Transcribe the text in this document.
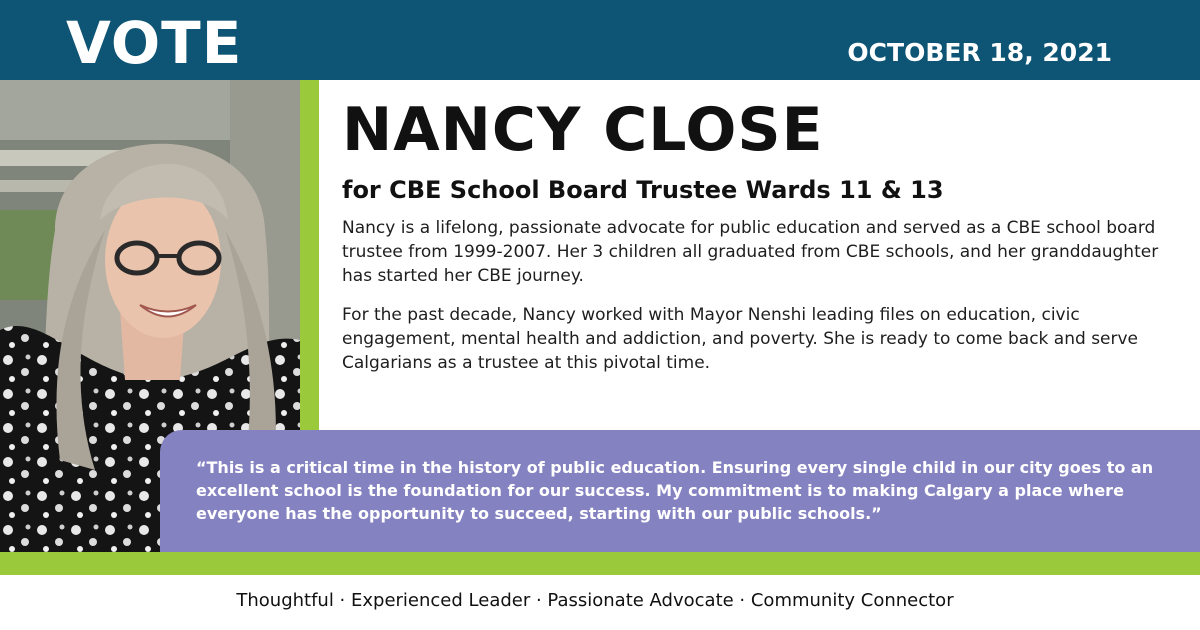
VOTE	OCTOBER 18, 2021
NANCY CLOSE
for CBE School Board Trustee Wards 11 & 13

Nancy is a lifelong, passionate advocate for public education and served as a CBE school board trustee from 1999-2007. Her 3 children all graduated from CBE schools, and her granddaughter has started her CBE journey.

For the past decade, Nancy worked with Mayor Nenshi leading files on education, civic engagement, mental health and addiction, and poverty. She is ready to come back and serve Calgarians as a trustee at this pivotal time.

“This is a critical time in the history of public education. Ensuring every single child in our city goes to an excellent school is the foundation for our success. My commitment is to making Calgary a place where everyone has the opportunity to succeed, starting with our public schools.”

Thoughtful · Experienced Leader · Passionate Advocate · Community Connector
